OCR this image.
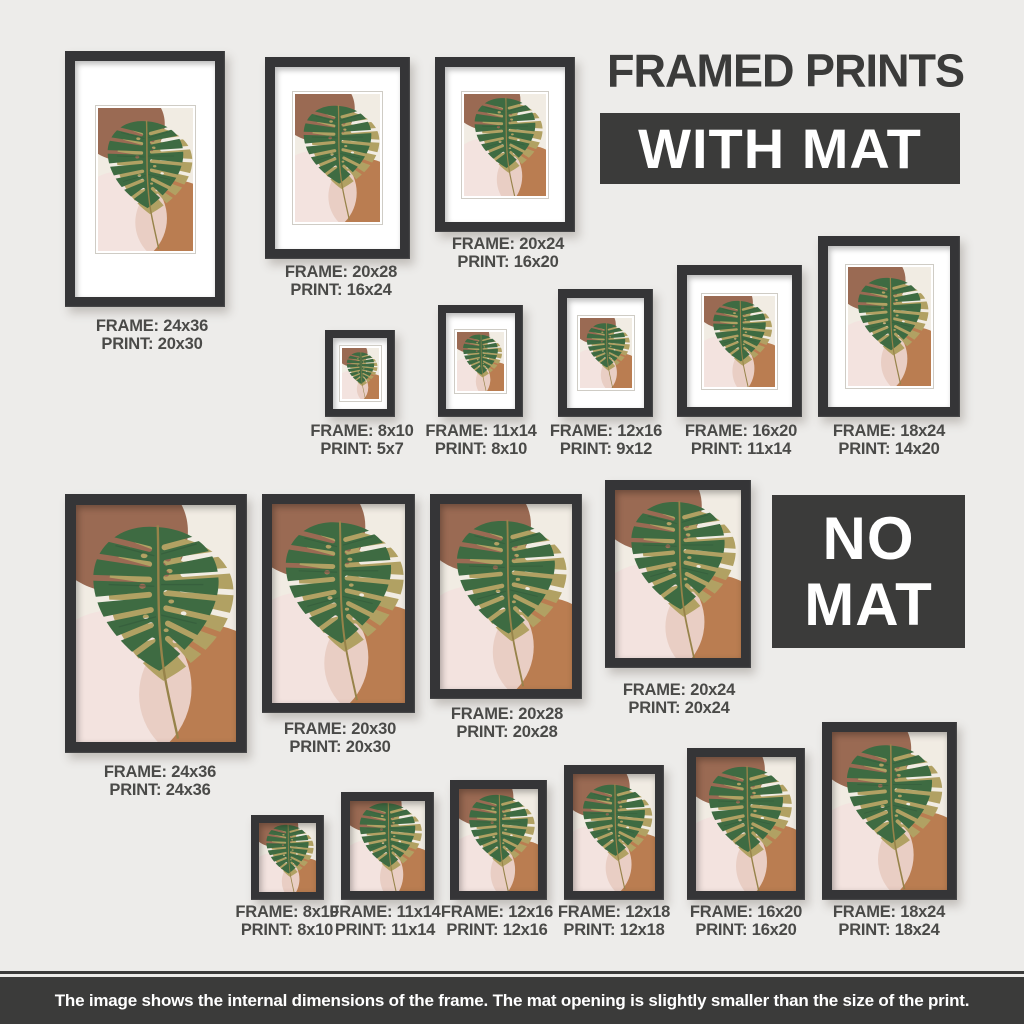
FRAMED PRINTS
WITH MAT
NO
MAT
FRAME: 24x36
PRINT: 20x30
FRAME: 20x28
PRINT: 16x24
FRAME: 20x24
PRINT: 16x20
FRAME: 8x10
PRINT: 5x7
FRAME: 11x14
PRINT: 8x10
FRAME: 12x16
PRINT: 9x12
FRAME: 16x20
PRINT: 11x14
FRAME: 18x24
PRINT: 14x20
FRAME: 24x36
PRINT: 24x36
FRAME: 20x30
PRINT: 20x30
FRAME: 20x28
PRINT: 20x28
FRAME: 20x24
PRINT: 20x24
FRAME: 8x10
PRINT: 8x10
FRAME: 11x14
PRINT: 11x14
FRAME: 12x16
PRINT: 12x16
FRAME: 12x18
PRINT: 12x18
FRAME: 16x20
PRINT: 16x20
FRAME: 18x24
PRINT: 18x24
The image shows the internal dimensions of the frame. The mat opening is slightly smaller than the size of the print.
